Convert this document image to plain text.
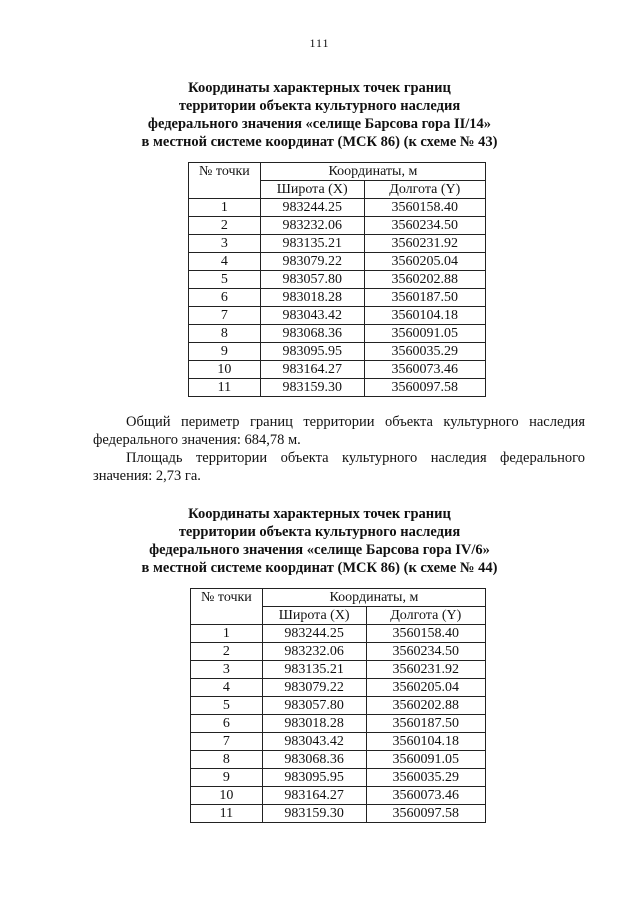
111
Координаты характерных точек границ
территории объекта культурного наследия
федерального значения «селище Барсова гора II/14»
в местной системе координат (МСК 86) (к схеме № 43)
№ точки	Координаты, м	
	Широта (X)	Долгота (Y)
1	983244.25	3560158.40
2	983232.06	3560234.50
3	983135.21	3560231.92
4	983079.22	3560205.04
5	983057.80	3560202.88
6	983018.28	3560187.50
7	983043.42	3560104.18
8	983068.36	3560091.05
9	983095.95	3560035.29
10	983164.27	3560073.46
11	983159.30	3560097.58
Общий периметр границ территории объекта культурного наследия
федерального значения: 684,78 м.
Площадь территории объекта культурного наследия федерального
значения: 2,73 га.
Координаты характерных точек границ
территории объекта культурного наследия
федерального значения «селище Барсова гора IV/6»
в местной системе координат (МСК 86) (к схеме № 44)
№ точки	Координаты, м	
	Широта (X)	Долгота (Y)
1	983244.25	3560158.40
2	983232.06	3560234.50
3	983135.21	3560231.92
4	983079.22	3560205.04
5	983057.80	3560202.88
6	983018.28	3560187.50
7	983043.42	3560104.18
8	983068.36	3560091.05
9	983095.95	3560035.29
10	983164.27	3560073.46
11	983159.30	3560097.58
